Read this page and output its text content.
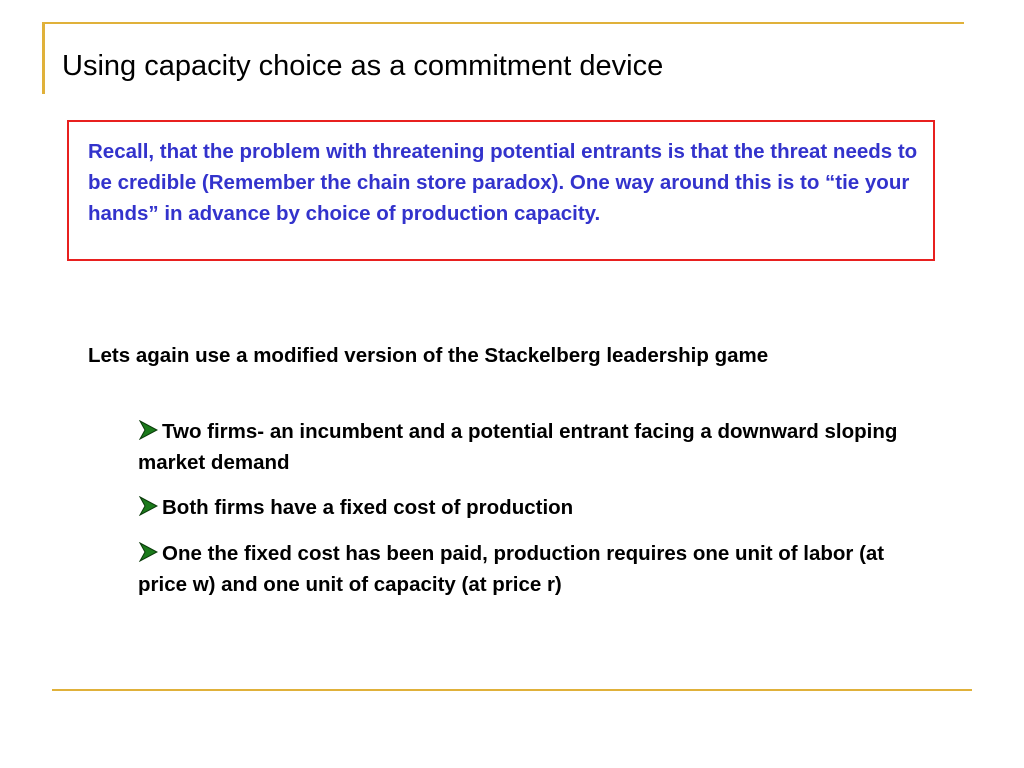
Using capacity choice as a commitment device
Recall, that the problem with threatening potential entrants is that the threat needs to be credible (Remember the chain store paradox). One way around this is to “tie your hands” in advance by choice of production capacity.
Lets again use a modified version of the Stackelberg leadership game
Two firms- an incumbent and a potential entrant facing a downward sloping market demand
Both firms have a fixed cost of production
One the fixed cost has been paid, production requires one unit of labor (at price w) and one unit of capacity (at price r)
